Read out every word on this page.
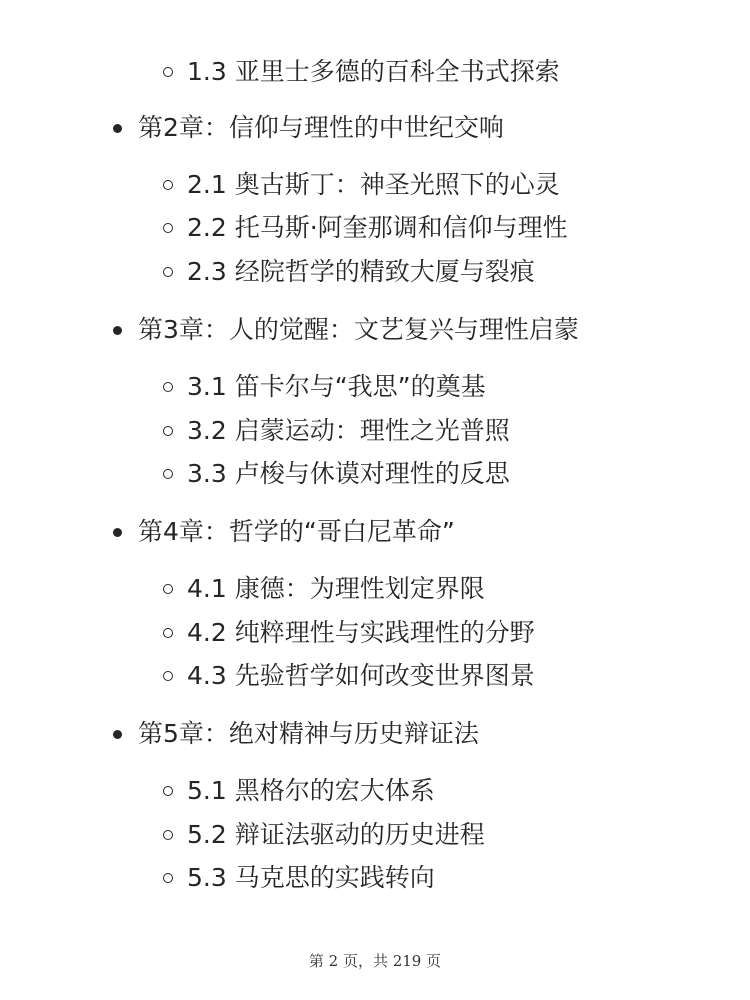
1.3 亚里士多德的百科全书式探索
第2章：信仰与理性的中世纪交响
2.1 奥古斯丁：神圣光照下的心灵
2.2 托马斯·阿奎那调和信仰与理性
2.3 经院哲学的精致大厦与裂痕
第3章：人的觉醒：文艺复兴与理性启蒙
3.1 笛卡尔与“我思”的奠基
3.2 启蒙运动：理性之光普照
3.3 卢梭与休谟对理性的反思
第4章：哲学的“哥白尼革命”
4.1 康德：为理性划定界限
4.2 纯粹理性与实践理性的分野
4.3 先验哲学如何改变世界图景
第5章：绝对精神与历史辩证法
5.1 黑格尔的宏大体系
5.2 辩证法驱动的历史进程
5.3 马克思的实践转向
第 2 页，共 219 页
